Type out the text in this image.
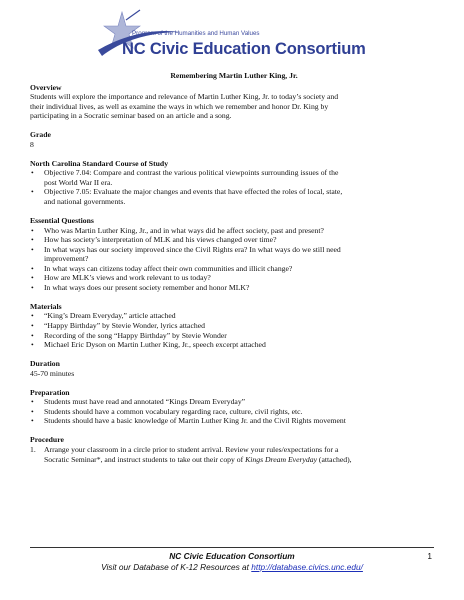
Program of the Humanities and Human Values
NC Civic Education Consortium
Remembering Martin Luther King, Jr.
Overview
Students will explore the importance and relevance of Martin Luther King, Jr. to today’s society and
their individual lives, as well as examine the ways in which we remember and honor Dr. King by
participating in a Socratic seminar based on an article and a song.
Grade
8
North Carolina Standard Course of Study
• Objective 7.04: Compare and contrast the various political viewpoints surrounding issues of the
post World War II era.
• Objective 7.05: Evaluate the major changes and events that have effected the roles of local, state,
and national governments.
Essential Questions
• Who was Martin Luther King, Jr., and in what ways did he affect society, past and present?
• How has society’s interpretation of MLK and his views changed over time?
• In what ways has our society improved since the Civil Rights era? In what ways do we still need
improvement?
• In what ways can citizens today affect their own communities and illicit change?
• How are MLK’s views and work relevant to us today?
• In what ways does our present society remember and honor MLK?
Materials
• “King’s Dream Everyday,” article attached
• “Happy Birthday” by Stevie Wonder, lyrics attached
• Recording of the song “Happy Birthday” by Stevie Wonder
• Michael Eric Dyson on Martin Luther King, Jr., speech excerpt attached
Duration
45-70 minutes
Preparation
• Students must have read and annotated “Kings Dream Everyday”
• Students should have a common vocabulary regarding race, culture, civil rights, etc.
• Students should have a basic knowledge of Martin Luther King Jr. and the Civil Rights movement
Procedure
1. Arrange your classroom in a circle prior to student arrival. Review your rules/expectations for a
Socratic Seminar*, and instruct students to take out their copy of Kings Dream Everyday (attached),
NC Civic Education Consortium
Visit our Database of K-12 Resources at http://database.civics.unc.edu/
1
